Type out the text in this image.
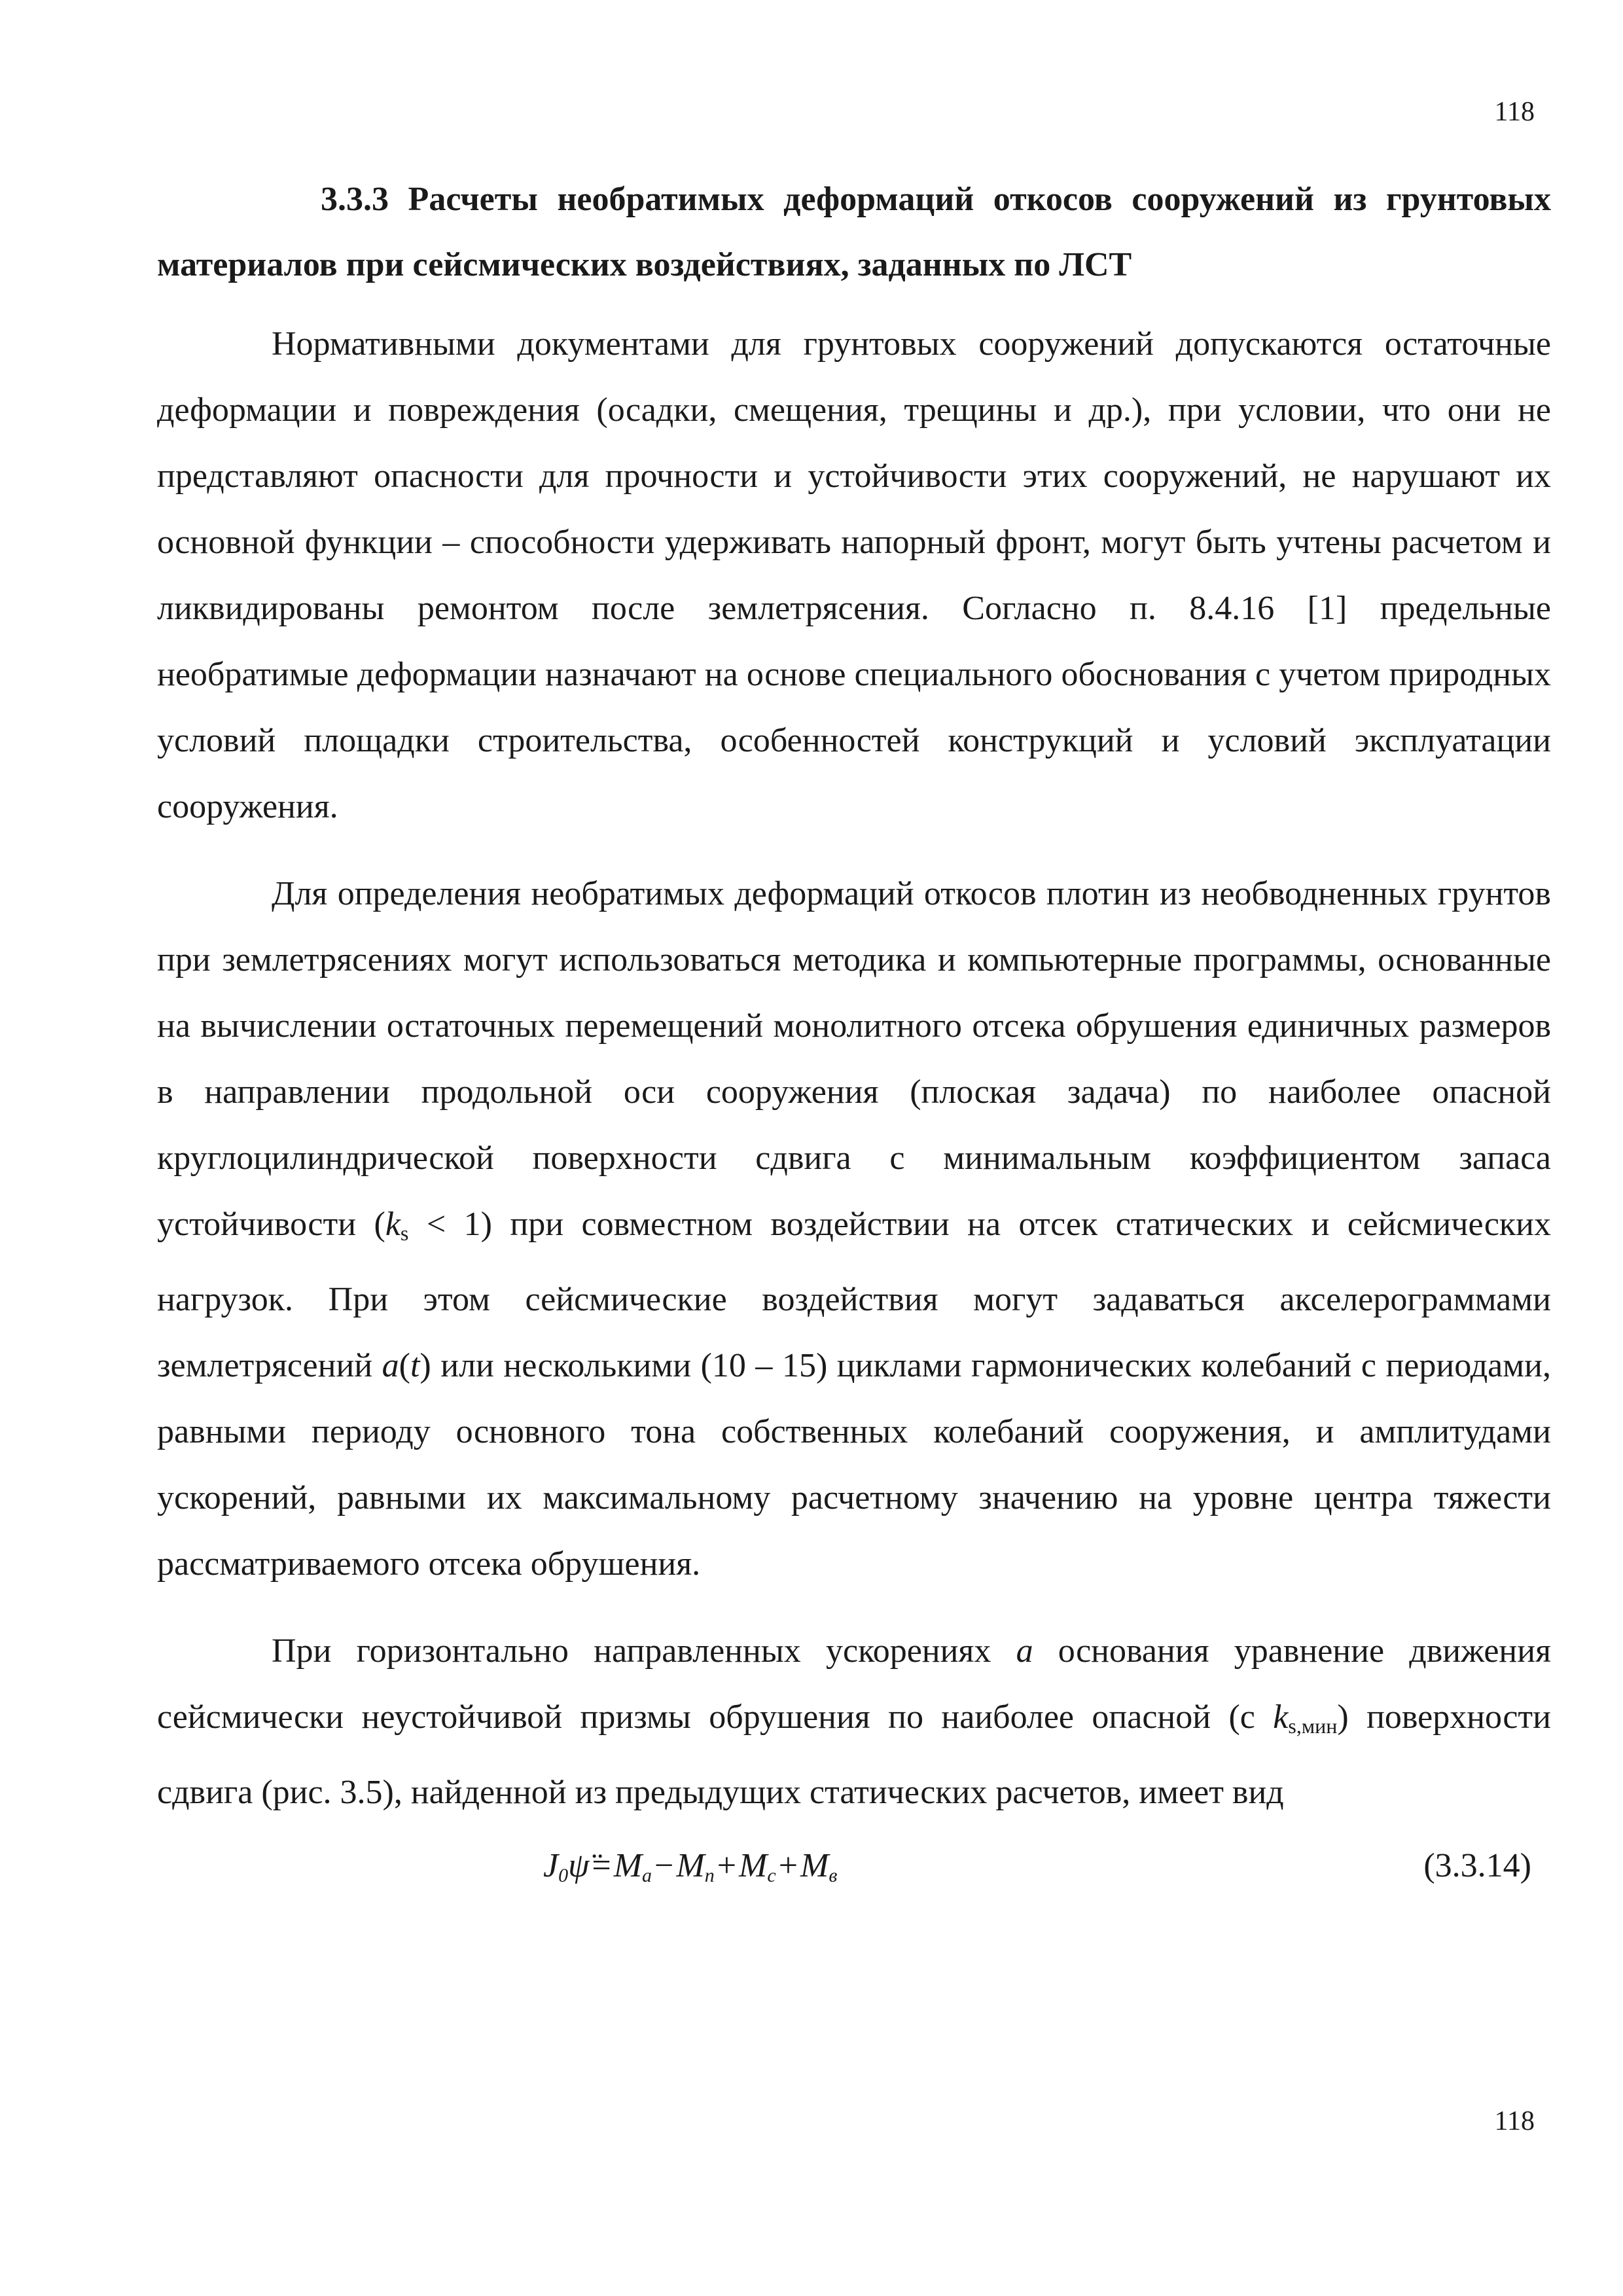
118

3.3.3 Расчеты необратимых деформаций откосов сооружений из грунтовых материалов при сейсмических воздействиях, заданных по ЛСТ

Нормативными документами для грунтовых сооружений допускаются остаточные деформации и повреждения (осадки, смещения, трещины и др.), при условии, что они не представляют опасности для прочности и устойчивости этих сооружений, не нарушают их основной функции – способности удерживать напорный фронт, могут быть учтены расчетом и ликвидированы ремонтом после землетрясения. Согласно п. 8.4.16 [1] предельные необратимые деформации назначают на основе специального обоснования с учетом природных условий площадки строительства, особенностей конструкций и условий эксплуатации сооружения.

Для определения необратимых деформаций откосов плотин из необводненных грунтов при землетрясениях могут использоваться методика и компьютерные программы, основанные на вычислении остаточных перемещений монолитного отсека обрушения единичных размеров в направлении продольной оси сооружения (плоская задача) по наиболее опасной круглоцилиндрической поверхности сдвига с минимальным коэффициентом запаса устойчивости $(k_s < 1)$ при совместном воздействии на отсек статических и сейсмических нагрузок. При этом сейсмические воздействия могут задаваться акселерограммами землетрясений a(t) или несколькими (10 – 15) циклами гармонических колебаний с периодами, равными периоду основного тона собственных колебаний сооружения, и амплитудами ускорений, равными их максимальному расчетному значению на уровне центра тяжести рассматриваемого отсека обрушения.

При горизонтально направленных ускорениях a основания уравнение движения сейсмически неустойчивой призмы обрушения по наиболее опасной (с $k_{s,мин}$) поверхности сдвига (рис. 3.5), найденной из предыдущих статических расчетов, имеет вид

$J_0\psï=M_a-M_п+M_c+M_в$	(3.3.14)
118
